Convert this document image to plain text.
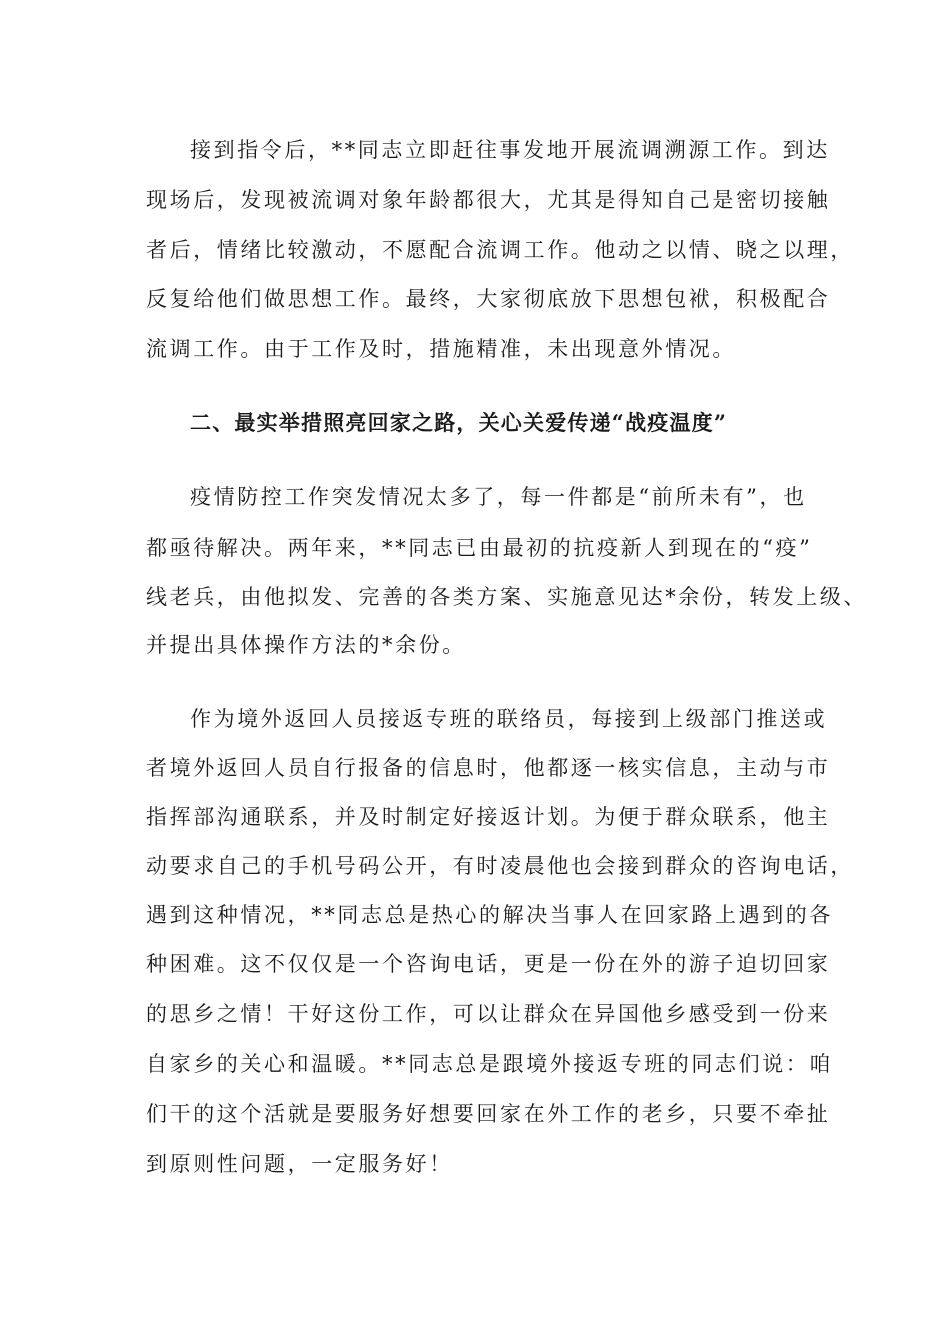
接到指令后，**同志立即赶往事发地开展流调溯源工作。到达
现场后，发现被流调对象年龄都很大，尤其是得知自己是密切接触
者后，情绪比较激动，不愿配合流调工作。他动之以情、晓之以理，
反复给他们做思想工作。最终，大家彻底放下思想包袱，积极配合
流调工作。由于工作及时，措施精准，未出现意外情况。
二、最实举措照亮回家之路，关心关爱传递“战疫温度”
疫情防控工作突发情况太多了，每一件都是“前所未有”，也
都亟待解决。两年来，**同志已由最初的抗疫新人到现在的“疫”
线老兵，由他拟发、完善的各类方案、实施意见达*余份，转发上级、
并提出具体操作方法的*余份。
作为境外返回人员接返专班的联络员，每接到上级部门推送或
者境外返回人员自行报备的信息时，他都逐一核实信息，主动与市
指挥部沟通联系，并及时制定好接返计划。为便于群众联系，他主
动要求自己的手机号码公开，有时凌晨他也会接到群众的咨询电话，
遇到这种情况，**同志总是热心的解决当事人在回家路上遇到的各
种困难。这不仅仅是一个咨询电话，更是一份在外的游子迫切回家
的思乡之情！干好这份工作，可以让群众在异国他乡感受到一份来
自家乡的关心和温暖。**同志总是跟境外接返专班的同志们说：咱
们干的这个活就是要服务好想要回家在外工作的老乡，只要不牵扯
到原则性问题，一定服务好！
